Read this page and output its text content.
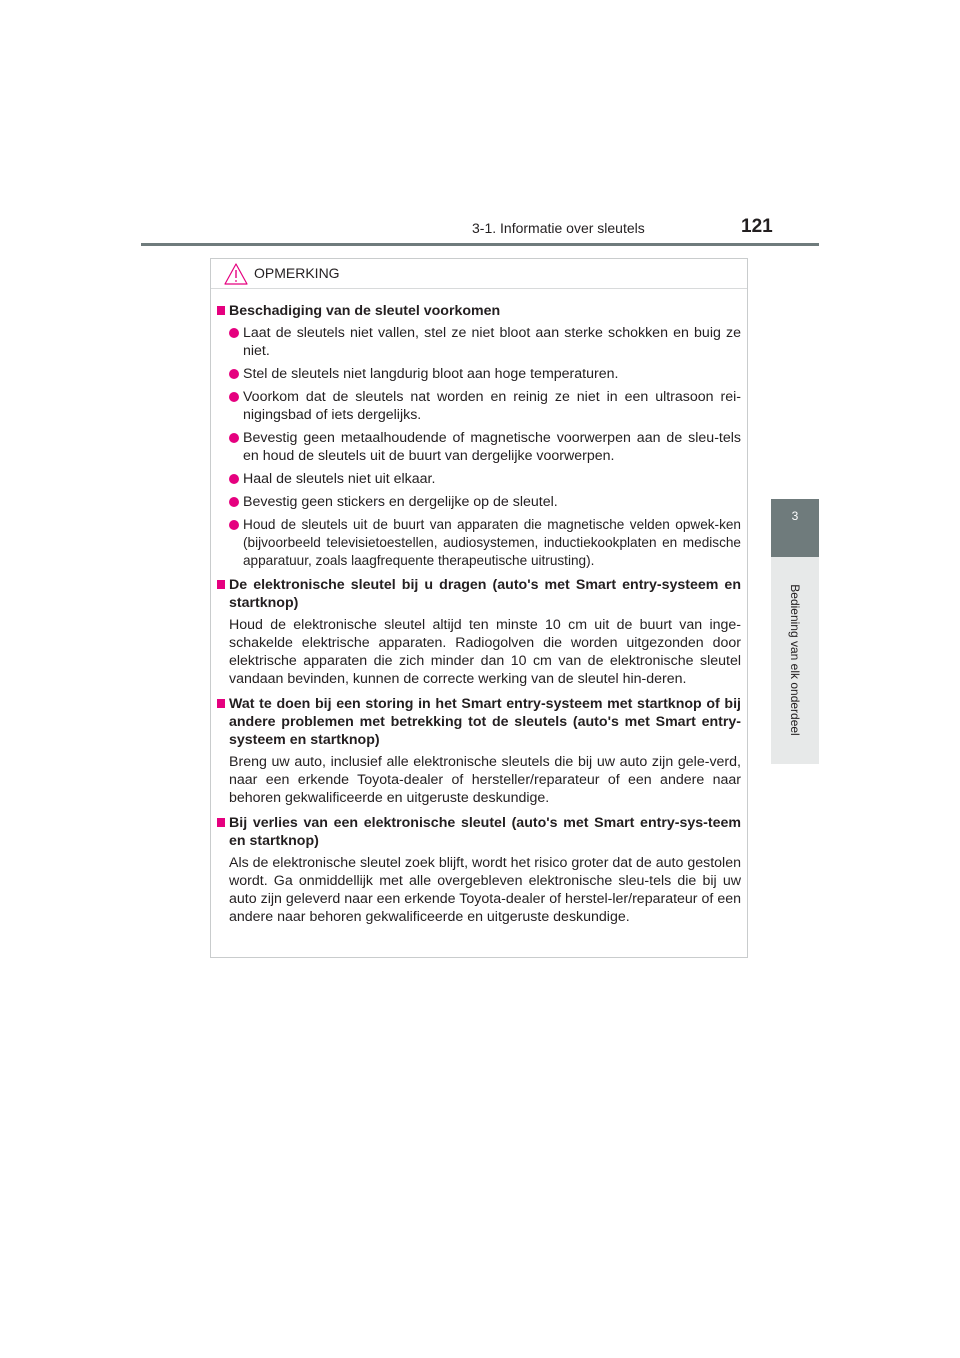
3-1. Informatie over sleutels	121
3
Bediening van elk onderdeel
OPMERKING
Beschadiging van de sleutel voorkomen
Laat de sleutels niet vallen, stel ze niet bloot aan sterke schokken en buig ze niet.
Stel de sleutels niet langdurig bloot aan hoge temperaturen.
Voorkom dat de sleutels nat worden en reinig ze niet in een ultrasoon rei-nigingsbad of iets dergelijks.
Bevestig geen metaalhoudende of magnetische voorwerpen aan de sleu-tels en houd de sleutels uit de buurt van dergelijke voorwerpen.
Haal de sleutels niet uit elkaar.
Bevestig geen stickers en dergelijke op de sleutel.
Houd de sleutels uit de buurt van apparaten die magnetische velden opwek-ken (bijvoorbeeld televisietoestellen, audiosystemen, inductiekookplaten en medische apparatuur, zoals laagfrequente therapeutische uitrusting).
De elektronische sleutel bij u dragen (auto's met Smart entry-systeem en startknop)
Houd de elektronische sleutel altijd ten minste 10 cm uit de buurt van inge-schakelde elektrische apparaten. Radiogolven die worden uitgezonden door elektrische apparaten die zich minder dan 10 cm van de elektronische sleutel vandaan bevinden, kunnen de correcte werking van de sleutel hin-deren.
Wat te doen bij een storing in het Smart entry-systeem met startknop of bij andere problemen met betrekking tot de sleutels (auto's met Smart entry-systeem en startknop)
Breng uw auto, inclusief alle elektronische sleutels die bij uw auto zijn gele-verd, naar een erkende Toyota-dealer of hersteller/reparateur of een andere naar behoren gekwalificeerde en uitgeruste deskundige.
Bij verlies van een elektronische sleutel (auto's met Smart entry-sys-teem en startknop)
Als de elektronische sleutel zoek blijft, wordt het risico groter dat de auto gestolen wordt. Ga onmiddellijk met alle overgebleven elektronische sleu-tels die bij uw auto zijn geleverd naar een erkende Toyota-dealer of herstel-ler/reparateur of een andere naar behoren gekwalificeerde en uitgeruste deskundige.
